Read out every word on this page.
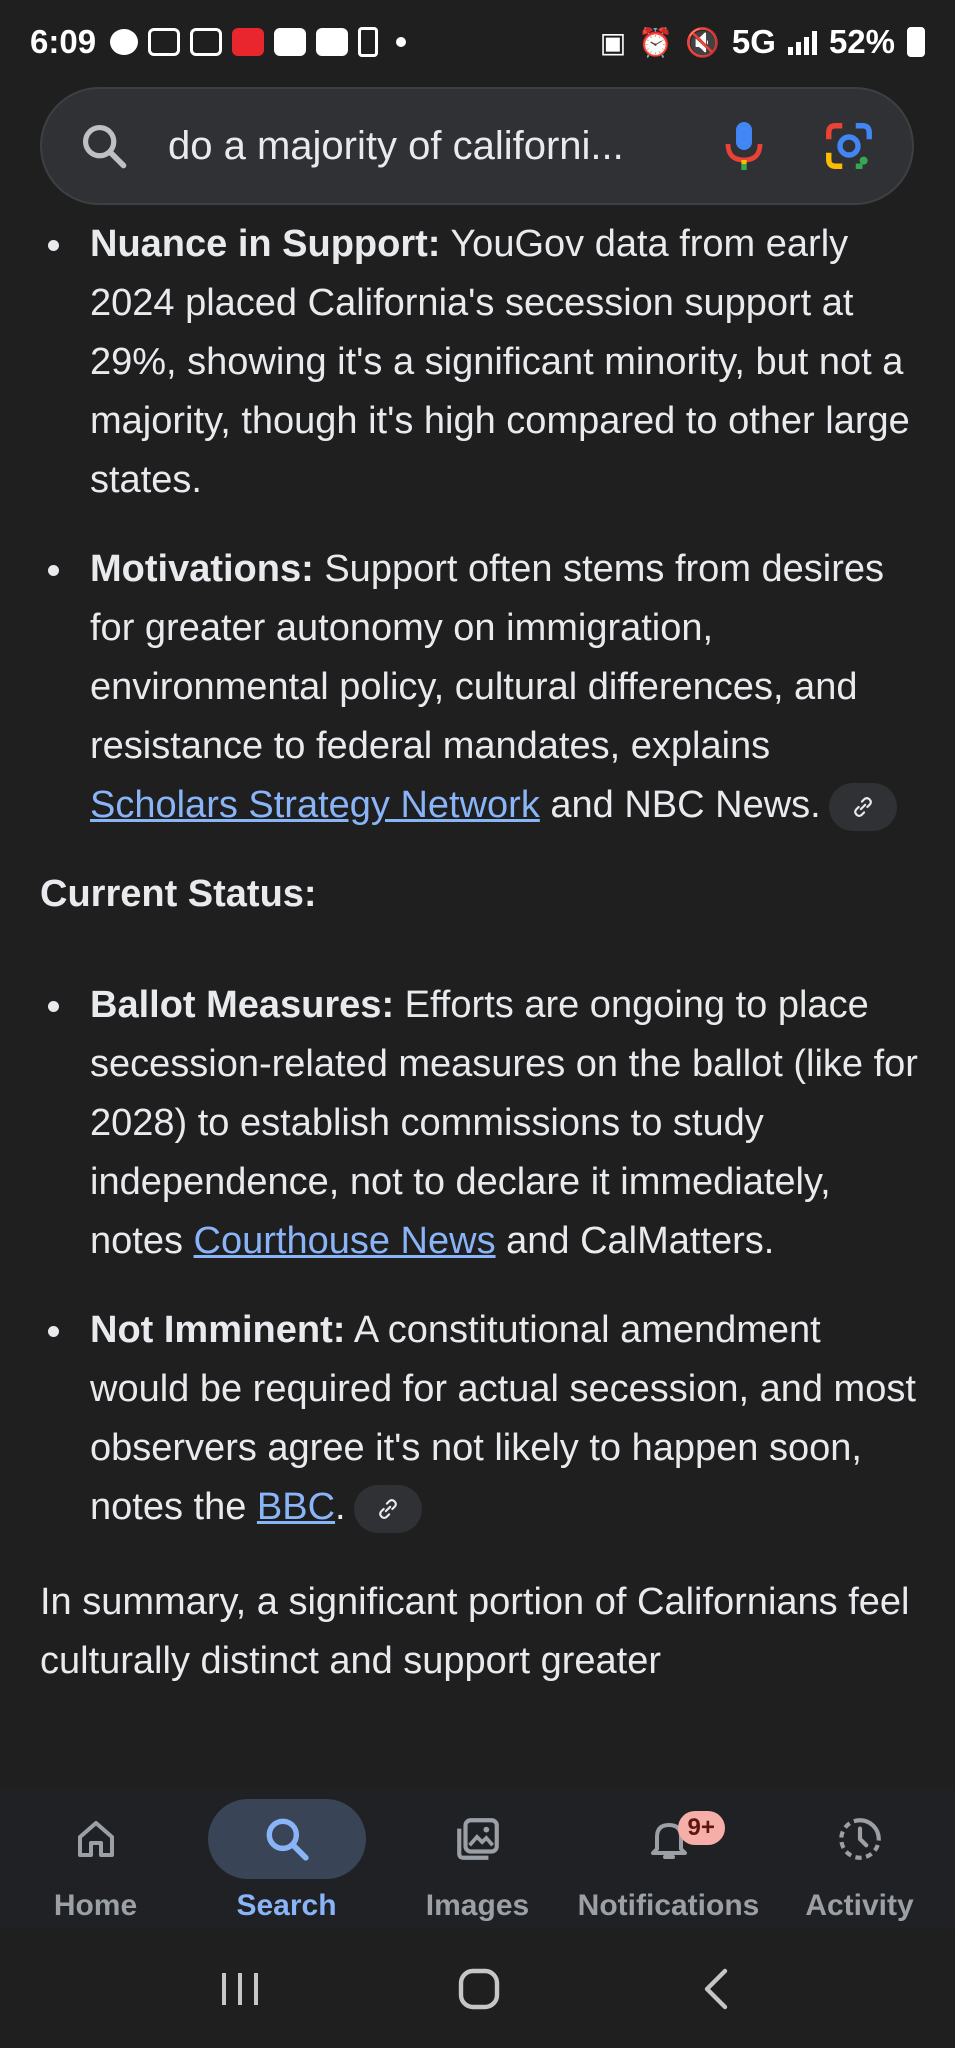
6:09	▣ ⏰ 🔇 5G 52%
do a majority of californi...
Nuance in Support: YouGov data from early 2024 placed California's secession support at 29%, showing it's a significant minority, but not a majority, though it's high compared to other large states.
Motivations: Support often stems from desires for greater autonomy on immigration, environmental policy, cultural differences, and resistance to federal mandates, explains Scholars Strategy Network and NBC News.
Current Status:
Ballot Measures: Efforts are ongoing to place secession-related measures on the ballot (like for 2028) to establish commissions to study independence, not to declare it immediately, notes Courthouse News and CalMatters.
Not Imminent: A constitutional amendment would be required for actual secession, and most observers agree it's not likely to happen soon, notes the BBC.

In summary, a significant portion of Californians feel culturally distinct and support greater

Home	Search	Images
9+
Notifications Activity
